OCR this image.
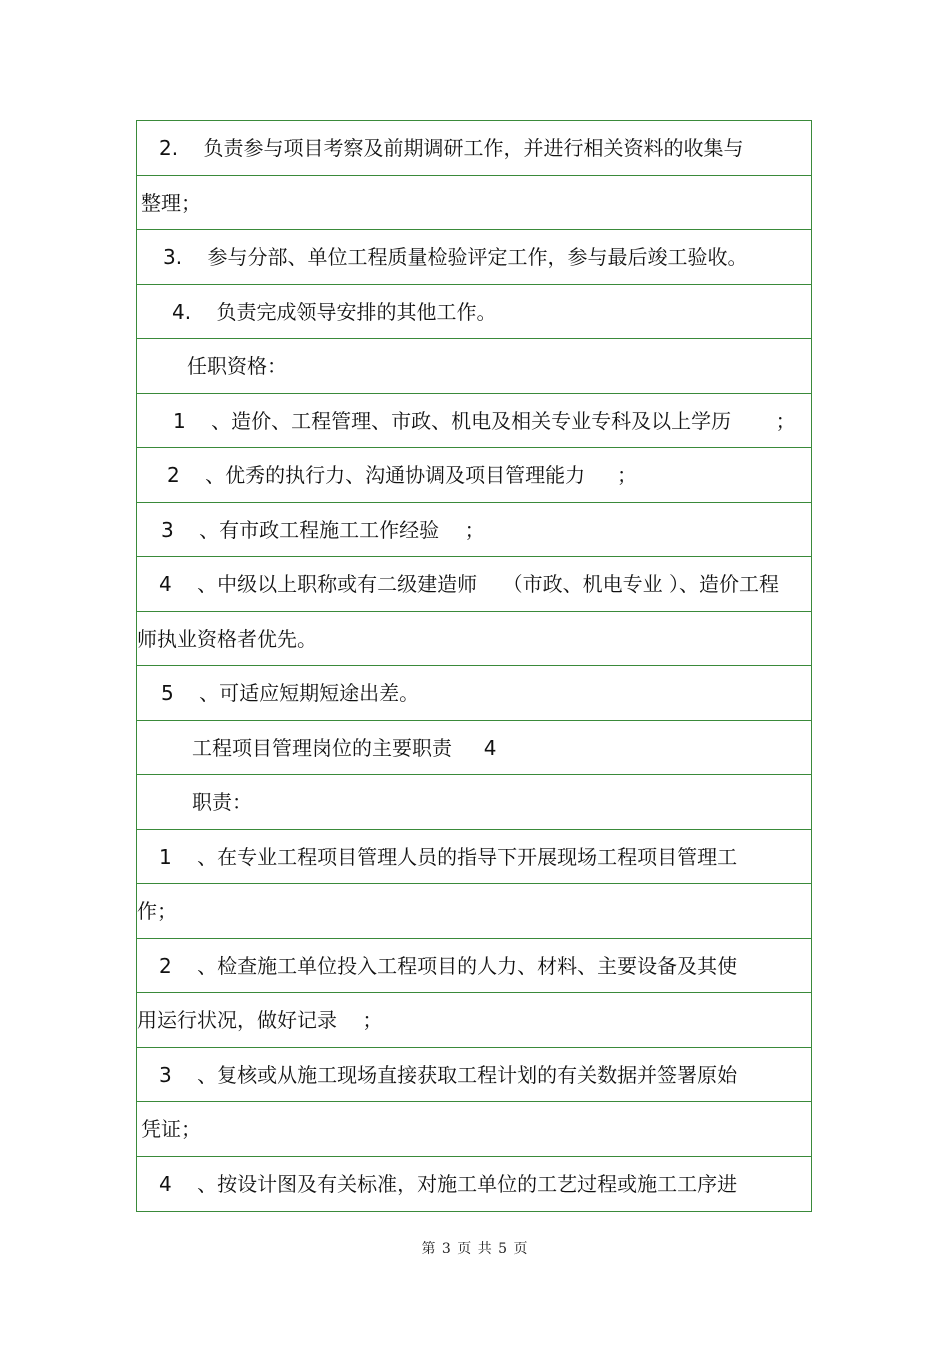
2.    负责参与项目考察及前期调研工作，并进行相关资料的收集与
整理；
3.    参与分部、单位工程质量检验评定工作，参与最后竣工验收。
4.    负责完成领导安排的其他工作。
任职资格：
1    、造价、工程管理、市政、机电及相关专业专科及以上学历       ；
2    、优秀的执行力、沟通协调及项目管理能力     ；
3    、有市政工程施工工作经验    ；
4    、中级以上职称或有二级建造师    （市政、机电专业 ）、造价工程
师执业资格者优先。
5    、可适应短期短途出差。
工程项目管理岗位的主要职责     4
职责：
1    、在专业工程项目管理人员的指导下开展现场工程项目管理工
作；
2    、检查施工单位投入工程项目的人力、材料、主要设备及其使
用运行状况，做好记录    ；
3    、复核或从施工现场直接获取工程计划的有关数据并签署原始
凭证；
4    、按设计图及有关标准，对施工单位的工艺过程或施工工序进
第 3 页 共 5 页
